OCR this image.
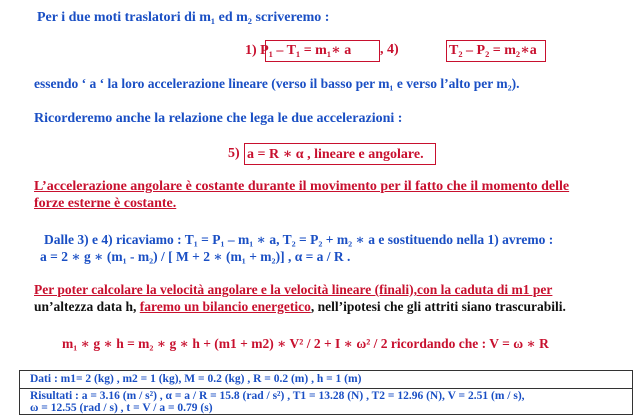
Per i due moti traslatori di m₁ ed m₂ scriveremo :
1) P₁ – T₁ = m₁∗ a , 4)	T₂ – P₂ = m₂∗a
essendo ‘ a ‘ la loro accelerazione lineare (verso il basso per m₁ e verso l’alto per m₂).
Ricorderemo anche la relazione che lega le due accelerazioni :
5) a = R ∗ α , lineare e angolare.
L’accelerazione angolare è costante durante il movimento per il fatto che il momento delle
forze esterne è costante.
Dalle 3) e 4) ricaviamo : T₁ = P₁ – m₁ ∗ a, T₂ = P₂ + m₂ ∗ a e sostituendo nella 1) avremo :
a = 2 ∗ g ∗ (m₁ - m₂) / [ M + 2 ∗ (m₁ + m₂)] , α = a / R .
Per poter calcolare la velocità angolare e la velocità lineare (finali),con la caduta di m1 per
un’altezza data h, faremo un bilancio energetico, nell’ipotesi che gli attriti siano trascurabili.
m₁ ∗ g ∗ h = m₂ ∗ g ∗ h + (m1 + m2) ∗ V² / 2 + I ∗ ω² / 2 ricordando che : V = ω ∗ R
Dati : m1= 2 (kg) , m2 = 1 (kg), M = 0.2 (kg) , R = 0.2 (m) , h = 1 (m)
Risultati : a = 3.16 (m / s²) , α = a / R = 15.8 (rad / s²) , T1 = 13.28 (N) , T2 = 12.96 (N), V = 2.51 (m / s),
ω = 12.55 (rad / s) , t = V / a = 0.79 (s)
